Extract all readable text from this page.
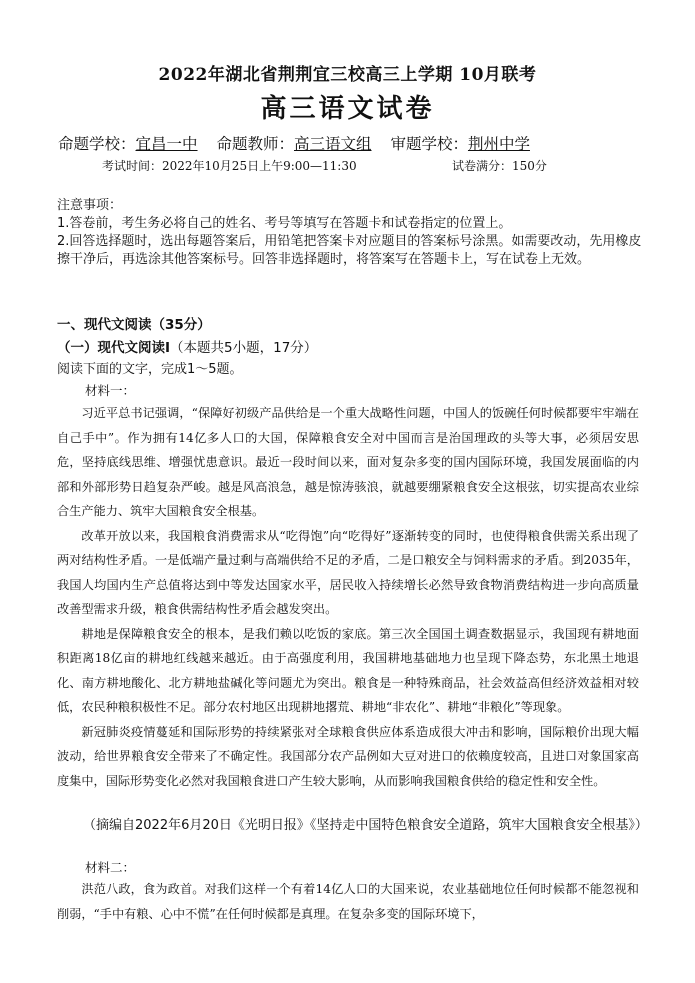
2022年湖北省荆荆宜三校高三上学期 10月联考
高三语文试卷
命题学校：宜昌一中 命题教师：高三语文组 审题学校：荆州中学
考试时间：2022年10月25日上午9:00—11:30	试卷满分：150分

注意事项：

1.答卷前，考生务必将自己的姓名、考号等填写在答题卡和试卷指定的位置上。

2.回答选择题时，选出每题答案后，用铅笔把答案卡对应题目的答案标号涂黑。如需要改动，先用橡皮擦干净后，再选涂其他答案标号。回答非选择题时，将答案写在答题卡上，写在试卷上无效。

一、现代文阅读（35分）
（一）现代文阅读Ⅰ（本题共5小题，17分）
阅读下面的文字，完成1～5题。
材料一：

习近平总书记强调，“保障好初级产品供给是一个重大战略性问题，中国人的饭碗任何时候都要牢牢端在自己手中”。作为拥有14亿多人口的大国，保障粮食安全对中国而言是治国理政的头等大事，必须居安思危，坚持底线思维、增强忧患意识。最近一段时间以来，面对复杂多变的国内国际环境，我国发展面临的内部和外部形势日趋复杂严峻。越是风高浪急，越是惊涛骇浪，就越要绷紧粮食安全这根弦，切实提高农业综合生产能力、筑牢大国粮食安全根基。

改革开放以来，我国粮食消费需求从“吃得饱”向“吃得好”逐渐转变的同时，也使得粮食供需关系出现了两对结构性矛盾。一是低端产量过剩与高端供给不足的矛盾，二是口粮安全与饲料需求的矛盾。到2035年，我国人均国内生产总值将达到中等发达国家水平，居民收入持续增长必然导致食物消费结构进一步向高质量改善型需求升级，粮食供需结构性矛盾会越发突出。

耕地是保障粮食安全的根本，是我们赖以吃饭的家底。第三次全国国土调查数据显示，我国现有耕地面积距离18亿亩的耕地红线越来越近。由于高强度利用，我国耕地基础地力也呈现下降态势，东北黑土地退化、南方耕地酸化、北方耕地盐碱化等问题尤为突出。粮食是一种特殊商品，社会效益高但经济效益相对较低，农民种粮积极性不足。部分农村地区出现耕地撂荒、耕地“非农化”、耕地“非粮化”等现象。

新冠肺炎疫情蔓延和国际形势的持续紧张对全球粮食供应体系造成很大冲击和影响，国际粮价出现大幅波动，给世界粮食安全带来了不确定性。我国部分农产品例如大豆对进口的依赖度较高，且进口对象国家高度集中，国际形势变化必然对我国粮食进口产生较大影响，从而影响我国粮食供给的稳定性和安全性。

（摘编自2022年6月20日《光明日报》《坚持走中国特色粮食安全道路，筑牢大国粮食安全根基》）
材料二：

洪范八政，食为政首。对我们这样一个有着14亿人口的大国来说，农业基础地位任何时候都不能忽视和削弱，“手中有粮、心中不慌”在任何时候都是真理。在复杂多变的国际环境下，
